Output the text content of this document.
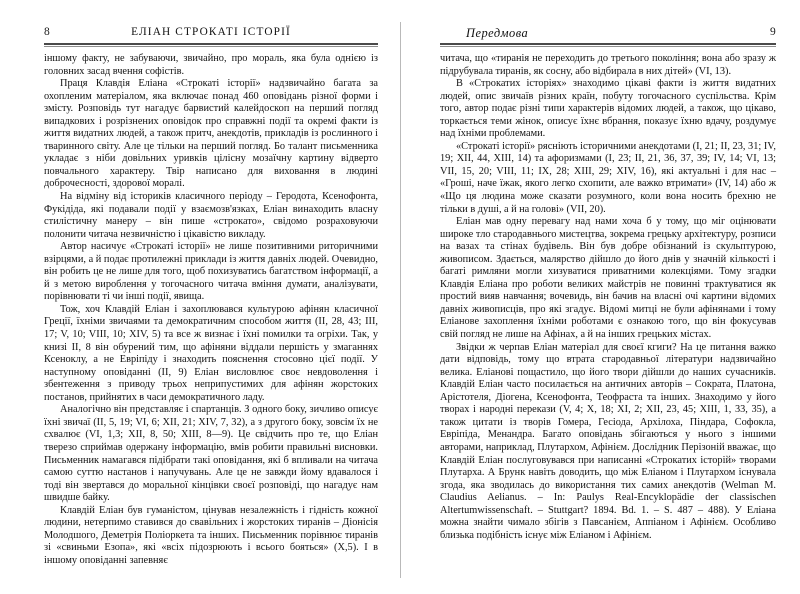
8	ЕЛІАН СТРОКАТІ ІСТОРІЇ

іншому факту, не забуваючи, звичайно, про мораль, яка була однією із головних засад вчення софістів.

Праця Клавдія Еліана «Строкаті історії» надзвичайно багата за охопленим матеріалом, яка включає понад 460 оповідань різної форми і змісту. Розповідь тут нагадує барвистий калейдоскоп на перший погляд випадкових і розрізнених оповідок про справжні події та окремі факти із життя видатних людей, а також притч, анекдотів, прикладів із рослинного і тваринного світу. Але це тільки на перший погляд. Бо талант письменника укладає з ніби довільних уривків цілісну мозаїчну картину відверто повчального характеру. Твір написано для виховання в людині доброчесності, здорової моралі.

На відміну від істориків класичного періоду – Геродота, Ксенофонта, Фукідіда, які подавали події у взаємозв'язках, Еліан винаходить власну стилістичну манеру – він пише «строкато», свідомо розраховуючи полонити читача незвичністю і цікавістю викладу.

Автор насичує «Строкаті історії» не лише позитивними риторичними взірцями, а й подає протилежні приклади із життя давніх людей. Очевидно, він робить це не лише для того, щоб похизуватись багатством інформації, а й з метою вироблення у тогочасного читача вміння думати, аналізувати, порівнювати ті чи інші події, явища.

Тож, хоч Клавдій Еліан і захоплювався культурою афінян класичної Греції, їхніми звичаями та демократичним способом життя (II, 28, 43; III, 17; V, 10; VIII, 10; XIV, 5) та все ж визнає і їхні помилки та огріхи. Так, у книзі II, 8 він обурений тим, що афіняни віддали першість у змаганнях Ксеноклу, а не Евріпіду і знаходить пояснення стосовно цієї події. У наступному оповіданні (II, 9) Еліан висловлює своє невдоволення і збентеження з приводу трьох неприпустимих для афінян жорстоких постанов, прийнятих в часи демократичного ладу.

Аналогічно він представляє і спартанців. З одного боку, зичливо описує їхні звичаї (II, 5, 19; VI, 6; XII, 21; XIV, 7, 32), а з другого боку, зовсім їх не схвалює (VI, 1,3; XII, 8, 50; XIII, 8—9). Це свідчить про те, що Еліан тверезо сприймав одержану інформацію, вмів робити правильні висновки. Письменник намагався підібрати такі оповідання, які б впливали на читача самою суттю настанов і напучувань. Але це не завжди йому вдавалося і тоді він звертався до моральної кінцівки своєї розповіді, що нагадує нам швидше байку.

Клавдій Еліан був гуманістом, цінував незалежність і гідність кожної людини, нетерпимо ставився до свавільних і жорстоких тиранів – Діонісія Молодшого, Деметрія Поліоркета та інших. Письменник порівнює тиранів зі «свиньми Езопа», які «всіх підозрюють і всього бояться» (Х,5). І в іншому оповіданні запевняє

Передмова	9

читача, що «тиранія не переходить до третього покоління; вона або зразу ж підрубувала тиранів, як сосну, або відбирала в них дітей» (VI, 13).

В «Строкатих історіях» знаходимо цікаві факти із життя видатних людей, опис звичаїв різних країн, побуту тогочасного суспільства. Крім того, автор подає різні типи характерів відомих людей, а також, що цікаво, торкається теми жінок, описує їхнє вбрання, показує їхню вдачу, роздумує над їхніми проблемами.

«Строкаті історії» рясніють історичними анекдотами (I, 21; II, 23, 31; IV, 19; XII, 44, XIII, 14) та афоризмами (I, 23; II, 21, 36, 37, 39; IV, 14; VI, 13; VII, 15, 20; VIII, 11; IX, 28; XIII, 29; XIV, 16), які актуальні і для нас – «Гроші, наче їжак, якого легко схопити, але важко втримати» (IV, 14) або ж «Що ця людина може сказати розумного, коли вона носить брехню не тільки в душі, а й на голові» (VII, 20).

Еліан мав одну перевагу над нами хоча б у тому, що міг оцінювати широке тло стародавнього мистецтва, зокрема грецьку архітектуру, розписи на вазах та стінах будівель. Він був добре обізнаний із скульптурою, живописом. Здається, малярство дійшло до його днів у значній кількості і багаті римляни могли хизуватися приватними колекціями. Тому згадки Клавдія Еліана про роботи великих майстрів не повинні трактуватися як простий вияв навчання; вочевидь, він бачив на власні очі картини відомих давніх живописців, про які згадує. Відомі митці не були афінянами і тому Еліанове захоплення їхніми роботами є ознакою того, що він фокусував свій погляд не лише на Афінах, а й на інших грецьких містах.

Звідки ж черпав Еліан матеріал для своєї кгиги? На це питання важко дати відповідь, тому що втрата стародавньої літератури надзвичайно велика. Еліанові пощастило, що його твори дійшли до наших сучасників. Клавдій Еліан часто посилається на античних авторів – Сократа, Платона, Арістотеля, Діогена, Ксенофонта, Теофраста та інших. Знаходимо у його творах і народні перекази (V, 4; X, 18; XI, 2; XII, 23, 45; XIII, 1, 33, 35), а також цитати із творів Гомера, Гесіода, Архілоха, Піндара, Софокла, Евріпіда, Менандра. Багато оповідань збігаються у нього з іншими авторами, наприклад, Плутархом, Афінієм. Дослідник Перізоній вважає, що Клавдій Еліан послуговувався при написанні «Строкатих історій» творами Плутарха. А Брунк навіть доводить, що між Еліаном і Плутархом існувала згода, яка зводилась до використання тих самих анекдотів (Welman M. Claudius Aelianus. – In: Paulys Real-Encyklopädie der classischen Altertumwissenschaft. – Stuttgart? 1894. Bd. 1. – S. 487 – 488). У Еліана можна знайти чимало збігів з Павсанієм, Аппіаном і Афінієм. Особливо близька подібність існує між Еліаном і Афінієм.
